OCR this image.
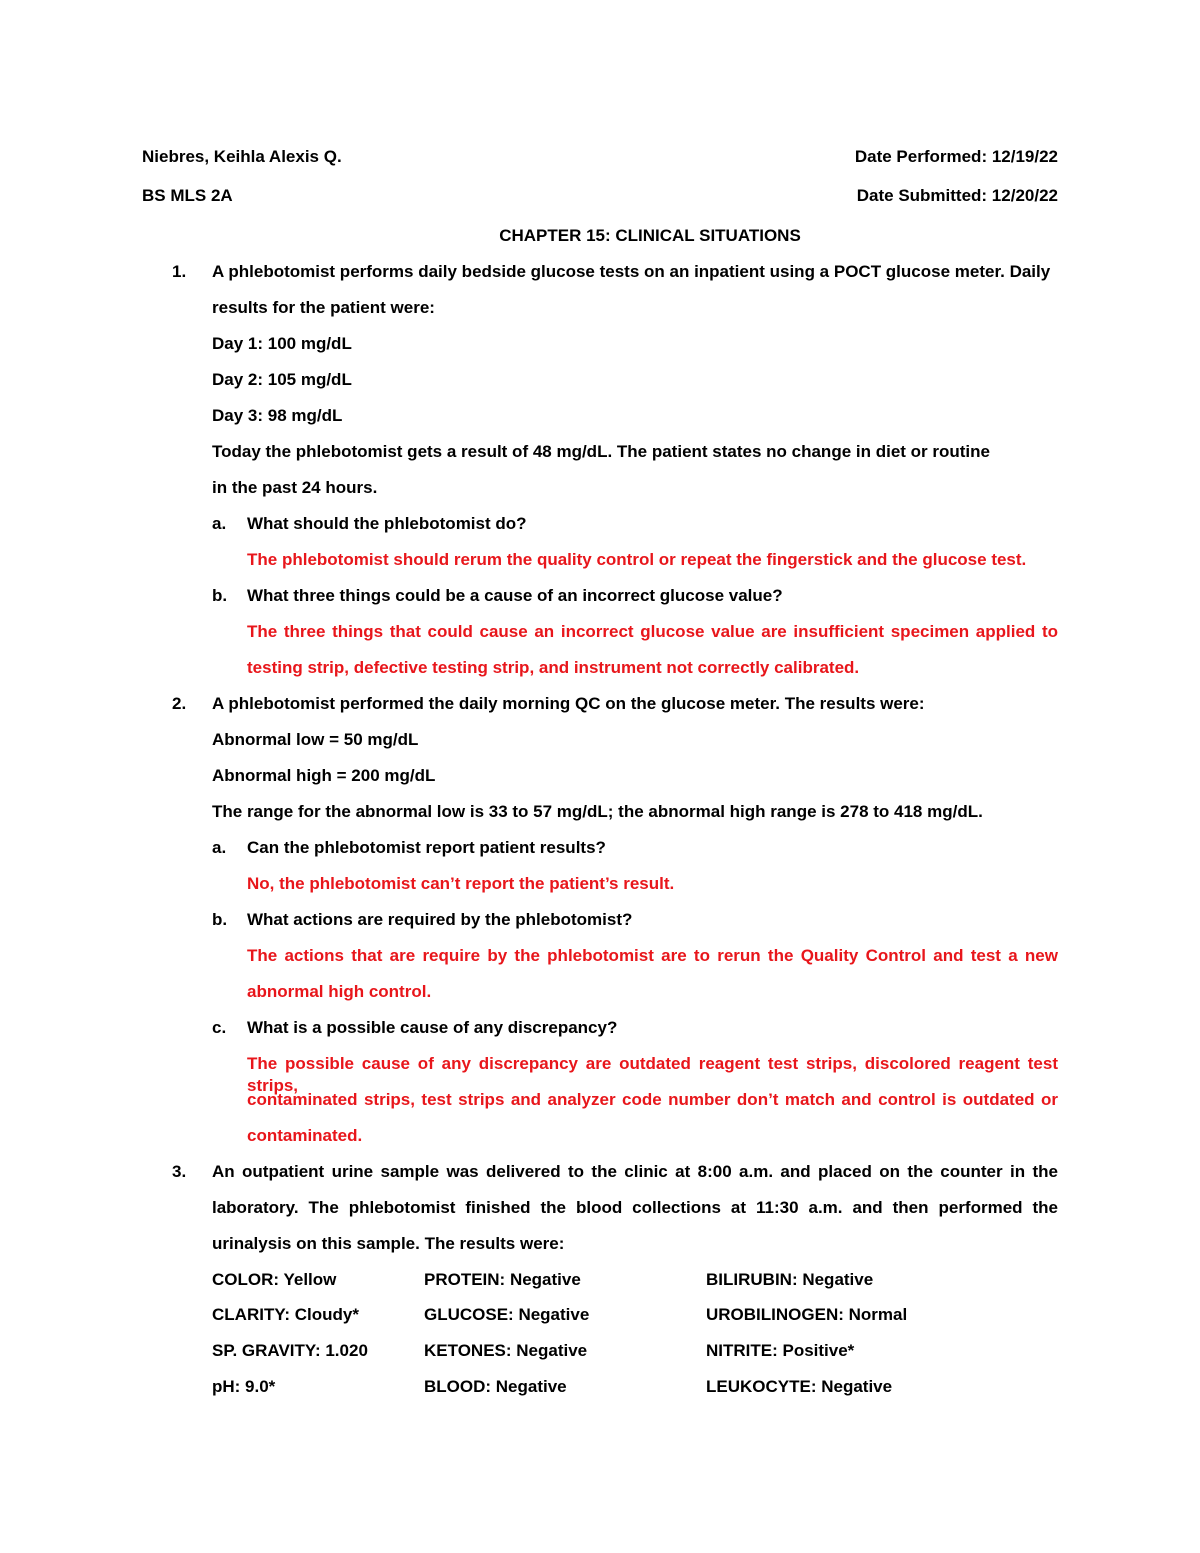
Niebres, Keihla Alexis Q.	Date Performed: 12/19/22
BS MLS 2A	Date Submitted: 12/20/22
CHAPTER 15: CLINICAL SITUATIONS
1. A phlebotomist performs daily bedside glucose tests on an inpatient using a POCT glucose meter. Daily
results for the patient were:
Day 1: 100 mg/dL
Day 2: 105 mg/dL
Day 3: 98 mg/dL
Today the phlebotomist gets a result of 48 mg/dL. The patient states no change in diet or routine
in the past 24 hours.
a. What should the phlebotomist do?
The phlebotomist should rerum the quality control or repeat the fingerstick and the glucose test.
b. What three things could be a cause of an incorrect glucose value?
The three things that could cause an incorrect glucose value are insufficient specimen applied to
testing strip, defective testing strip, and instrument not correctly calibrated.
2. A phlebotomist performed the daily morning QC on the glucose meter. The results were:
Abnormal low = 50 mg/dL
Abnormal high = 200 mg/dL
The range for the abnormal low is 33 to 57 mg/dL; the abnormal high range is 278 to 418 mg/dL.
a. Can the phlebotomist report patient results?
No, the phlebotomist can’t report the patient’s result.
b. What actions are required by the phlebotomist?
The actions that are require by the phlebotomist are to rerun the Quality Control and test a new
abnormal high control.
c. What is a possible cause of any discrepancy?
The possible cause of any discrepancy are outdated reagent test strips, discolored reagent test strips,
contaminated strips, test strips and analyzer code number don’t match and control is outdated or
contaminated.
3. An outpatient urine sample was delivered to the clinic at 8:00 a.m. and placed on the counter in the
laboratory. The phlebotomist finished the blood collections at 11:30 a.m. and then performed the
urinalysis on this sample. The results were:
COLOR: Yellow	PROTEIN: Negative	BILIRUBIN: Negative
CLARITY: Cloudy*	GLUCOSE: Negative	UROBILINOGEN: Normal
SP. GRAVITY: 1.020	KETONES: Negative	NITRITE: Positive*
pH: 9.0*	BLOOD: Negative	LEUKOCYTE: Negative
